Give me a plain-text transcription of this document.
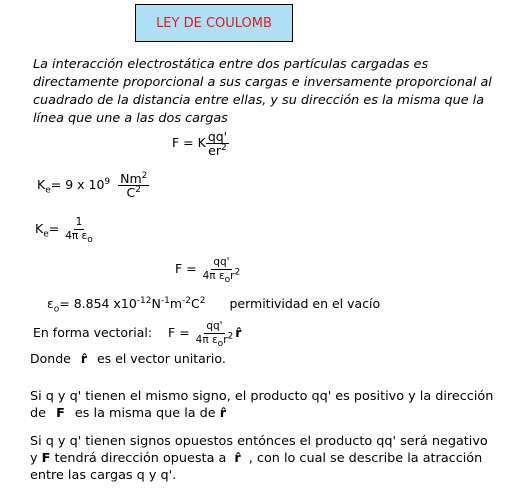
LEY DE COULOMB
La interacción electrostática entre dos partículas cargadas es directamente proporcional a sus cargas e inversamente proporcional al cuadrado de la distancia entre ellas, y su dirección es la misma que la línea que une a las dos cargas
F = K $\frac{qq'}{er^2}$
$K_e= 9$ x $10^9 \frac{Nm^2}{C^2}$
$K_e= \frac{1}{4\pi \varepsilon_o}$
$F = \frac{qq'}{4\pi \varepsilon_or^2}$
$\varepsilon_o= 8.854$ $x10^{-12}N^{-1}m^{-2}C^2$ permitividad en el vacío
En forma vectorial: $F = \frac{qq'}{4\pi \varepsilon_or^2}$ r̂
Donde r̂ es el vector unitario.
Si q y q' tienen el mismo signo, el producto qq' es positivo y la dirección
de F es la misma que la de r̂
Si q y q' tienen signos opuestos entónces el producto qq' será negativo
y F tendrá dirección opuesta a r̂ , con lo cual se describe la atracción
entre las cargas q y q'.
